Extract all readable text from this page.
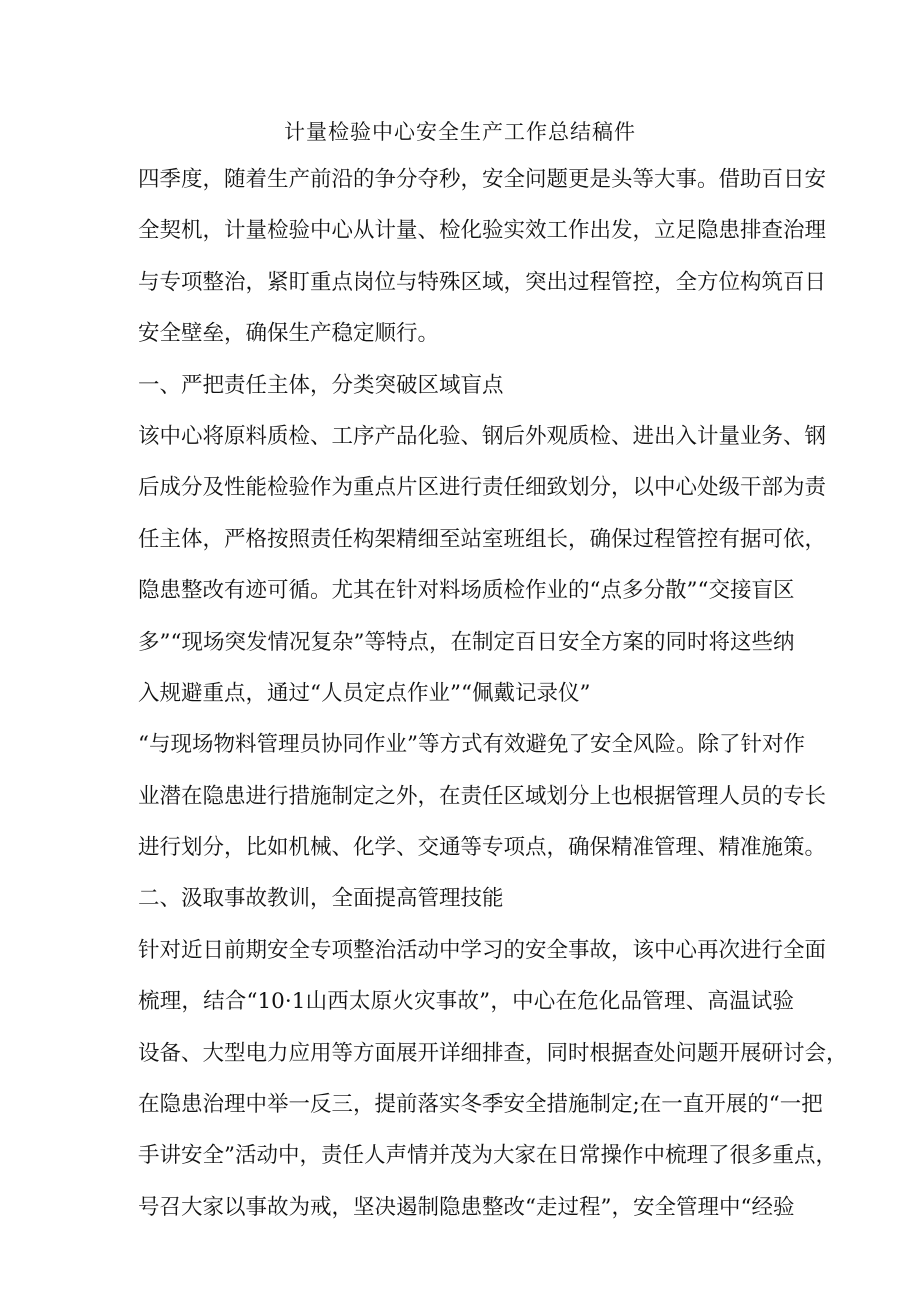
计量检验中心安全生产工作总结稿件
四季度，随着生产前沿的争分夺秒，安全问题更是头等大事。借助百日安
全契机，计量检验中心从计量、检化验实效工作出发，立足隐患排查治理
与专项整治，紧盯重点岗位与特殊区域，突出过程管控，全方位构筑百日
安全壁垒，确保生产稳定顺行。
一、严把责任主体，分类突破区域盲点
该中心将原料质检、工序产品化验、钢后外观质检、进出入计量业务、钢
后成分及性能检验作为重点片区进行责任细致划分，以中心处级干部为责
任主体，严格按照责任构架精细至站室班组长，确保过程管控有据可依，
隐患整改有迹可循。尤其在针对料场质检作业的“点多分散”“交接盲区
多”“现场突发情况复杂”等特点，在制定百日安全方案的同时将这些纳
入规避重点，通过“人员定点作业”“佩戴记录仪”
“与现场物料管理员协同作业”等方式有效避免了安全风险。除了针对作
业潜在隐患进行措施制定之外，在责任区域划分上也根据管理人员的专长
进行划分，比如机械、化学、交通等专项点，确保精准管理、精准施策。
二、汲取事故教训，全面提高管理技能
针对近日前期安全专项整治活动中学习的安全事故，该中心再次进行全面
梳理，结合“10·1山西太原火灾事故”，中心在危化品管理、高温试验
设备、大型电力应用等方面展开详细排查，同时根据查处问题开展研讨会，
在隐患治理中举一反三，提前落实冬季安全措施制定;在一直开展的“一把
手讲安全”活动中，责任人声情并茂为大家在日常操作中梳理了很多重点，
号召大家以事故为戒，坚决遏制隐患整改“走过程”，安全管理中“经验
